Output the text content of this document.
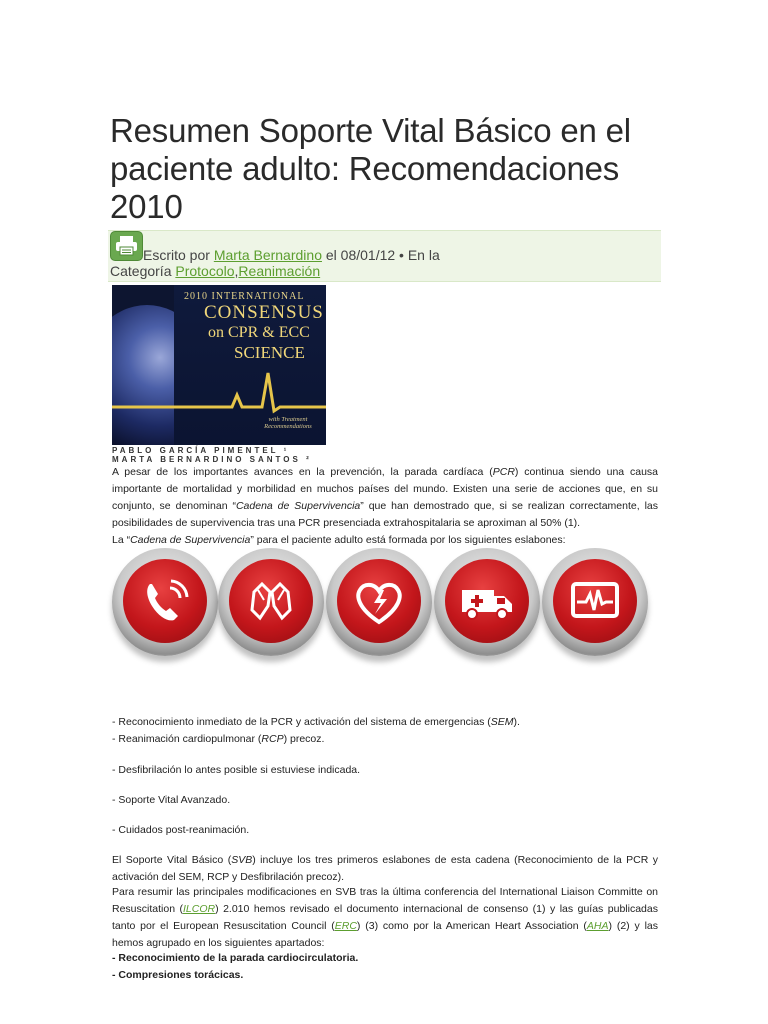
Resumen Soporte Vital Básico en el paciente adulto: Recomendaciones 2010
Escrito por Marta Bernardino el 08/01/12 • En la
Categoría Protocolo,Reanimación
2010 INTERNATIONAL
CONSENSUS
on CPR & ECC
SCIENCE
with Treatment Recommendations
PABLO GARCÍA PIMENTEL ¹
MARTA BERNARDINO SANTOS ²

A pesar de los importantes avances en la prevención, la parada cardíaca (PCR) continua siendo una causa importante de mortalidad y morbilidad en muchos países del mundo. Existen una serie de acciones que, en su conjunto, se denominan “Cadena de Supervivencia” que han demostrado que, si se realizan correctamente, las posibilidades de supervivencia tras una PCR presenciada extrahospitalaria se aproximan al 50% (1).

La “Cadena de Supervivencia” para el paciente adulto está formada por los siguientes eslabones:

- Reconocimiento inmediato de la PCR y activación del sistema de emergencias (SEM).
- Reanimación cardiopulmonar (RCP) precoz.
- Desfibrilación lo antes posible si estuviese indicada.
- Soporte Vital Avanzado.
- Cuidados post-reanimación.

El Soporte Vital Básico (SVB) incluye los tres primeros eslabones de esta cadena (Reconocimiento de la PCR y activación del SEM, RCP y Desfibrilación precoz).

Para resumir las principales modificaciones en SVB tras la última conferencia del International Liaison Committe on Resuscitation (ILCOR) 2.010 hemos revisado el documento internacional de consenso (1) y las guías publicadas tanto por el European Resuscitation Council (ERC) (3) como por la American Heart Association (AHA) (2) y las hemos agrupado en los siguientes apartados:

- Reconocimiento de la parada cardiocirculatoria.
- Compresiones torácicas.
